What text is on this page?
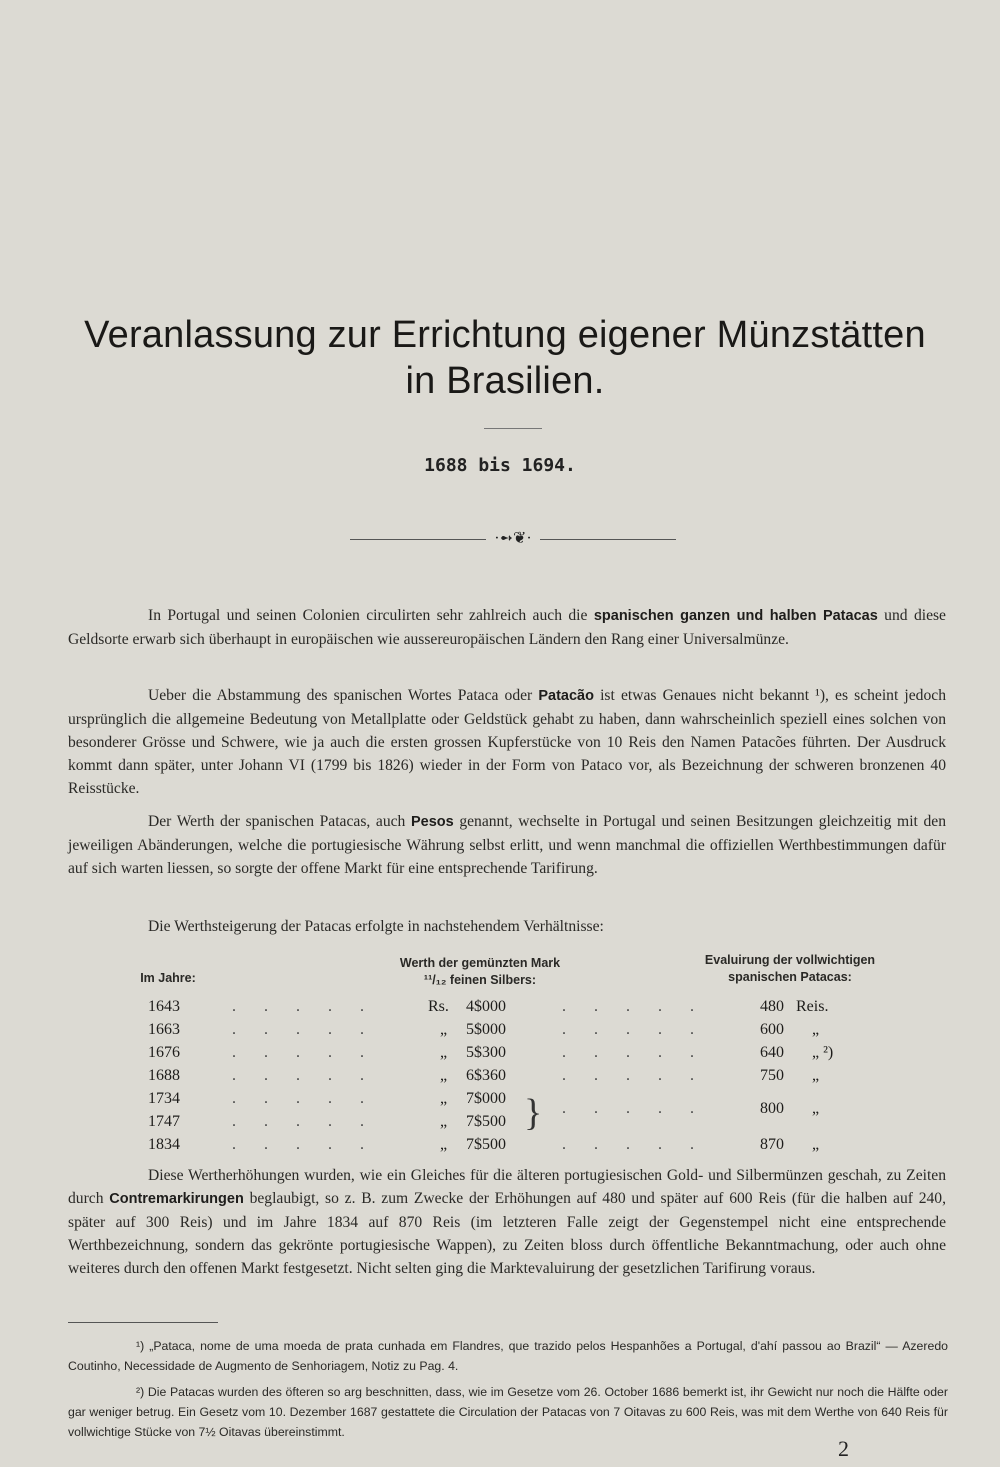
Veranlassung zur Errichtung eigener Münzstätten
in Brasilien.
1688 bis 1694.
·➻❦·

In Portugal und seinen Colonien circulirten sehr zahlreich auch die spanischen ganzen und halben Patacas und diese Geldsorte erwarb sich überhaupt in europäischen wie aussereuropäischen Ländern den Rang einer Universalmünze.

Ueber die Abstammung des spanischen Wortes Pataca oder Patacão ist etwas Genaues nicht bekannt ¹), es scheint jedoch ursprünglich die allgemeine Bedeutung von Metallplatte oder Geldstück gehabt zu haben, dann wahrscheinlich speziell eines solchen von besonderer Grösse und Schwere, wie ja auch die ersten grossen Kupferstücke von 10 Reis den Namen Patacões führten. Der Ausdruck kommt dann später, unter Johann VI (1799 bis 1826) wieder in der Form von Pataco vor, als Bezeichnung der schweren bronzenen 40 Reisstücke.

Der Werth der spanischen Patacas, auch Pesos genannt, wechselte in Portugal und seinen Besitzungen gleichzeitig mit den jeweiligen Abänderungen, welche die portugiesische Währung selbst erlitt, und wenn manchmal die offiziellen Werthbestimmungen dafür auf sich warten liessen, so sorgte der offene Markt für eine entsprechende Tarifirung.

Die Werthsteigerung der Patacas erfolgte in nachstehendem Verhältnisse:

Im Jahre:
Werth der gemünzten Mark
¹¹/₁₂ feinen Silbers:
Evaluirung der vollwichtigen
spanischen Patacas:
1643	. . . . .	Rs. 4$000	. . . . .	480 Reis.
1663	. . . . .	„ 5$000	. . . . .	600 „
1676	. . . . .	„ 5$300	. . . . .	640 „ ²)
1688	. . . . .	„ 6$360	. . . . .	750 „
1734	. . . . .	„ 7$000
1747	. . . . .	„ 7$500 } . . . . .	800 „
1834	. . . . .	„ 7$500	. . . . .	870 „

Diese Wertherhöhungen wurden, wie ein Gleiches für die älteren portugiesischen Gold- und Silbermünzen geschah, zu Zeiten durch Contremarkirungen beglaubigt, so z. B. zum Zwecke der Erhöhungen auf 480 und später auf 600 Reis (für die halben auf 240, später auf 300 Reis) und im Jahre 1834 auf 870 Reis (im letzteren Falle zeigt der Gegenstempel nicht eine entsprechende Werthbezeichnung, sondern das gekrönte portugiesische Wappen), zu Zeiten bloss durch öffentliche Bekanntmachung, oder auch ohne weiteres durch den offenen Markt festgesetzt. Nicht selten ging die Marktevaluirung der gesetzlichen Tarifirung voraus.

¹) „Pataca, nome de uma moeda de prata cunhada em Flandres, que trazido pelos Hespanhões a Portugal, d'ahí passou ao Brazil“ — Azeredo Coutinho, Necessidade de Augmento de Senhoriagem, Notiz zu Pag. 4.

²) Die Patacas wurden des öfteren so arg beschnitten, dass, wie im Gesetze vom 26. October 1686 bemerkt ist, ihr Gewicht nur noch die Hälfte oder gar weniger betrug. Ein Gesetz vom 10. Dezember 1687 gestattete die Circulation der Patacas von 7 Oitavas zu 600 Reis, was mit dem Werthe von 640 Reis für vollwichtige Stücke von 7½ Oitavas übereinstimmt.

2
